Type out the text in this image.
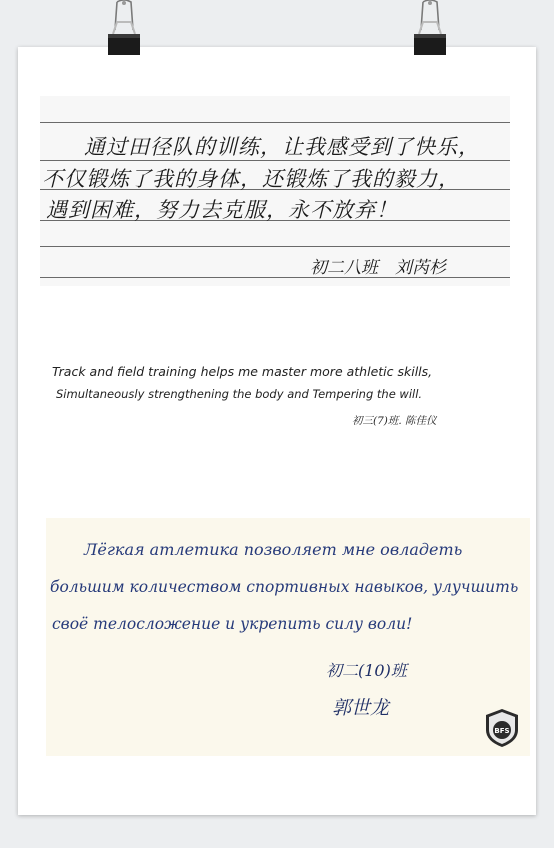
通过田径队的训练，让我感受到了快乐，
不仅锻炼了我的身体，还锻炼了我的毅力，
遇到困难，努力去克服，永不放弃！
初二八班　刘芮杉
Track and field training helps me master more athletic skills,
Simultaneously strengthening the body and Tempering the will.
初三(7)班. 陈佳仪
Лёгкая атлетика позволяет мне овладеть
большим количеством спортивных навыков, улучшить
своё телосложение и укрепить силу воли!
初二(10)班
郭世龙
BFS
